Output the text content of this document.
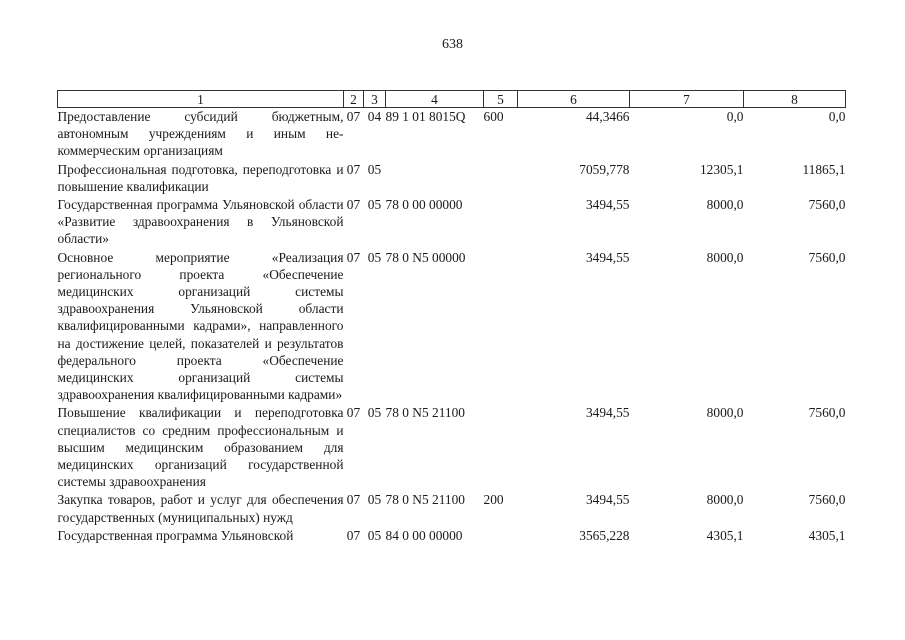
638
1	2	3	4	5	6	7	8
Предоставление субсидий бюджетным, автономным учреждениям и иным не-коммерческим организациям	07	04	89 1 01 8015Q	600	44,3466	0,0	0,0
Профессиональная подготовка, переподготовка и повышение квалификации	07	05			7059,778	12305,1	11865,1
Государственная программа Ульяновской области «Развитие здравоохранения в Ульяновской области»	07	05	78 0 00 00000		3494,55	8000,0	7560,0
Основное мероприятие «Реализация регионального проекта «Обеспечение медицинских организаций системы здравоохранения Ульяновской области квалифицированными кадрами», направленного на достижение целей, показателей и результатов федерального проекта «Обеспечение медицинских организаций системы здравоохранения квалифицированными кадрами»	07	05	78 0 N5 00000		3494,55	8000,0	7560,0
Повышение квалификации и переподготовка специалистов со средним профессиональным и высшим медицинским образованием для медицинских организаций государственной системы здравоохранения	07	05	78 0 N5 21100		3494,55	8000,0	7560,0
Закупка товаров, работ и услуг для обеспечения государственных (муниципальных) нужд	07	05	78 0 N5 21100	200	3494,55	8000,0	7560,0
Государственная программа Ульяновской	07	05	84 0 00 00000		3565,228	4305,1	4305,1
